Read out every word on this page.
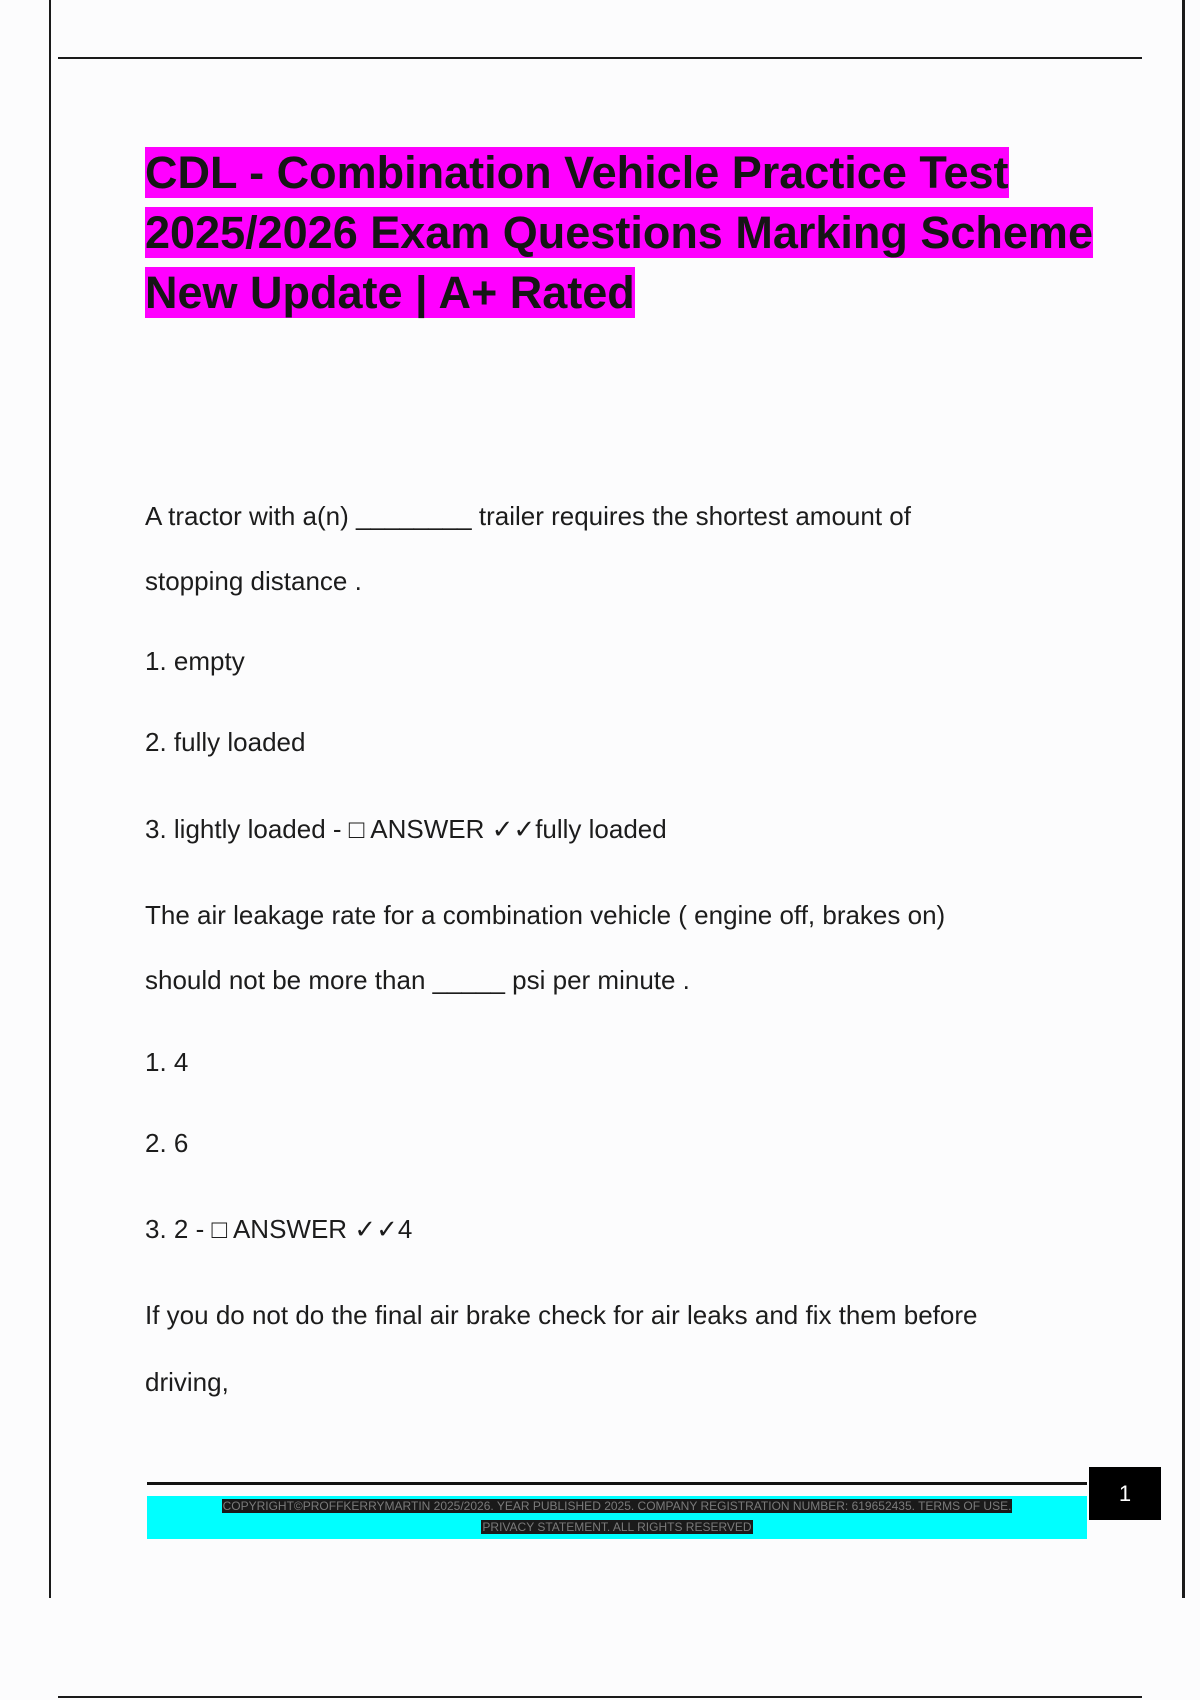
CDL - Combination Vehicle Practice Test 2025/2026 Exam Questions Marking Scheme New Update | A+ Rated
A tractor with a(n) ________ trailer requires the shortest amount of
stopping distance .
1. empty
2. fully loaded
3. lightly loaded - □ ANSWER ✓✓fully loaded
The air leakage rate for a combination vehicle ( engine off, brakes on)
should not be more than _____ psi per minute .
1. 4
2. 6
3. 2 - □ ANSWER ✓✓4
If you do not do the final air brake check for air leaks and fix them before
driving,
COPYRIGHT©PROFFKERRYMARTIN 2025/2026. YEAR PUBLISHED 2025. COMPANY REGISTRATION NUMBER: 619652435. TERMS OF USE.
PRIVACY STATEMENT. ALL RIGHTS RESERVED
1
